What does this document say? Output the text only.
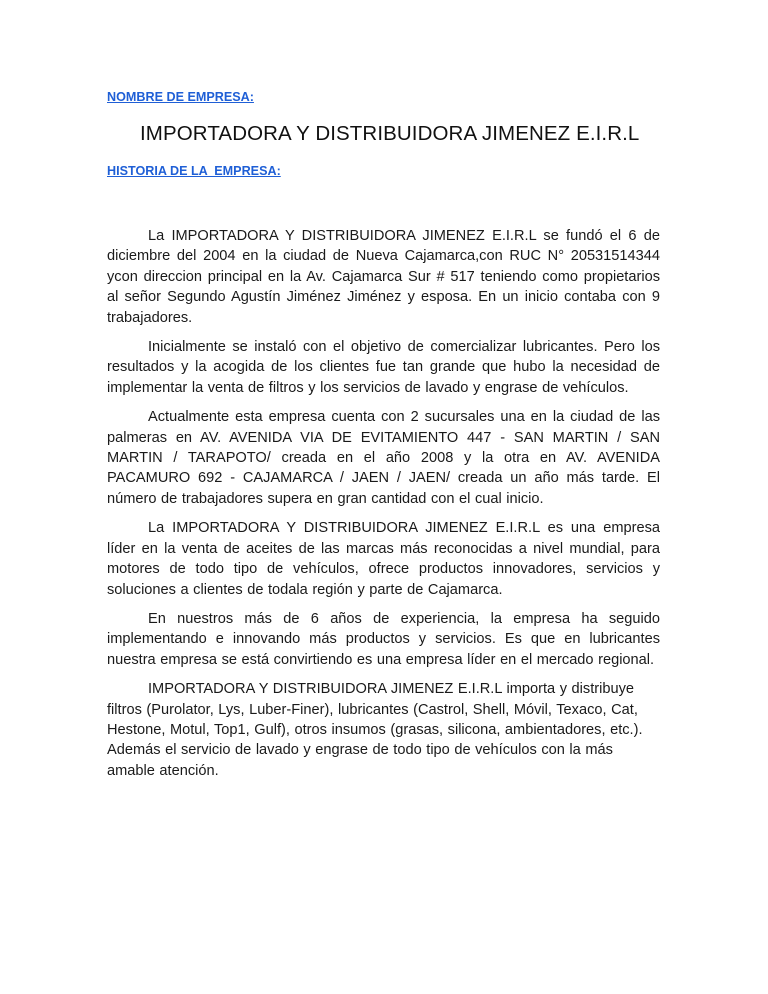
NOMBRE DE EMPRESA:
IMPORTADORA Y DISTRIBUIDORA JIMENEZ E.I.R.L
HISTORIA DE LA  EMPRESA:

La IMPORTADORA Y DISTRIBUIDORA JIMENEZ E.I.R.L se fundó el 6 de diciembre del 2004 en la ciudad de Nueva Cajamarca,con RUC N° 20531514344 ycon direccion principal en la Av. Cajamarca Sur # 517 teniendo como propietarios al señor Segundo Agustín Jiménez Jiménez y esposa. En un inicio contaba con 9 trabajadores.

Inicialmente se instaló con el objetivo de comercializar lubricantes. Pero los resultados y la acogida de los clientes fue tan grande que hubo la necesidad de implementar la venta de filtros y los servicios de lavado y engrase de vehículos.

Actualmente esta empresa cuenta con 2 sucursales una en la ciudad de las palmeras en AV. AVENIDA VIA DE EVITAMIENTO 447 - SAN MARTIN / SAN MARTIN / TARAPOTO/ creada en el año 2008 y la otra en AV. AVENIDA PACAMURO 692 - CAJAMARCA / JAEN / JAEN/ creada un año más tarde. El número de trabajadores supera en gran cantidad con el cual inicio.

La IMPORTADORA Y DISTRIBUIDORA JIMENEZ E.I.R.L es una empresa líder en la venta de aceites de las marcas más reconocidas a nivel mundial, para motores de todo tipo de vehículos, ofrece productos innovadores, servicios y soluciones a clientes de todala región y parte de Cajamarca.

En nuestros más de 6 años de experiencia, la empresa ha seguido implementando e innovando más productos y servicios. Es que en lubricantes nuestra empresa se está convirtiendo es una empresa líder en el mercado regional.

IMPORTADORA Y DISTRIBUIDORA JIMENEZ E.I.R.L importa y distribuye filtros (Purolator, Lys, Luber-Finer), lubricantes (Castrol, Shell, Móvil, Texaco, Cat, Hestone, Motul, Top1, Gulf), otros insumos (grasas, silicona, ambientadores, etc.). Además el servicio de lavado y engrase de todo tipo de vehículos con la más amable atención.
